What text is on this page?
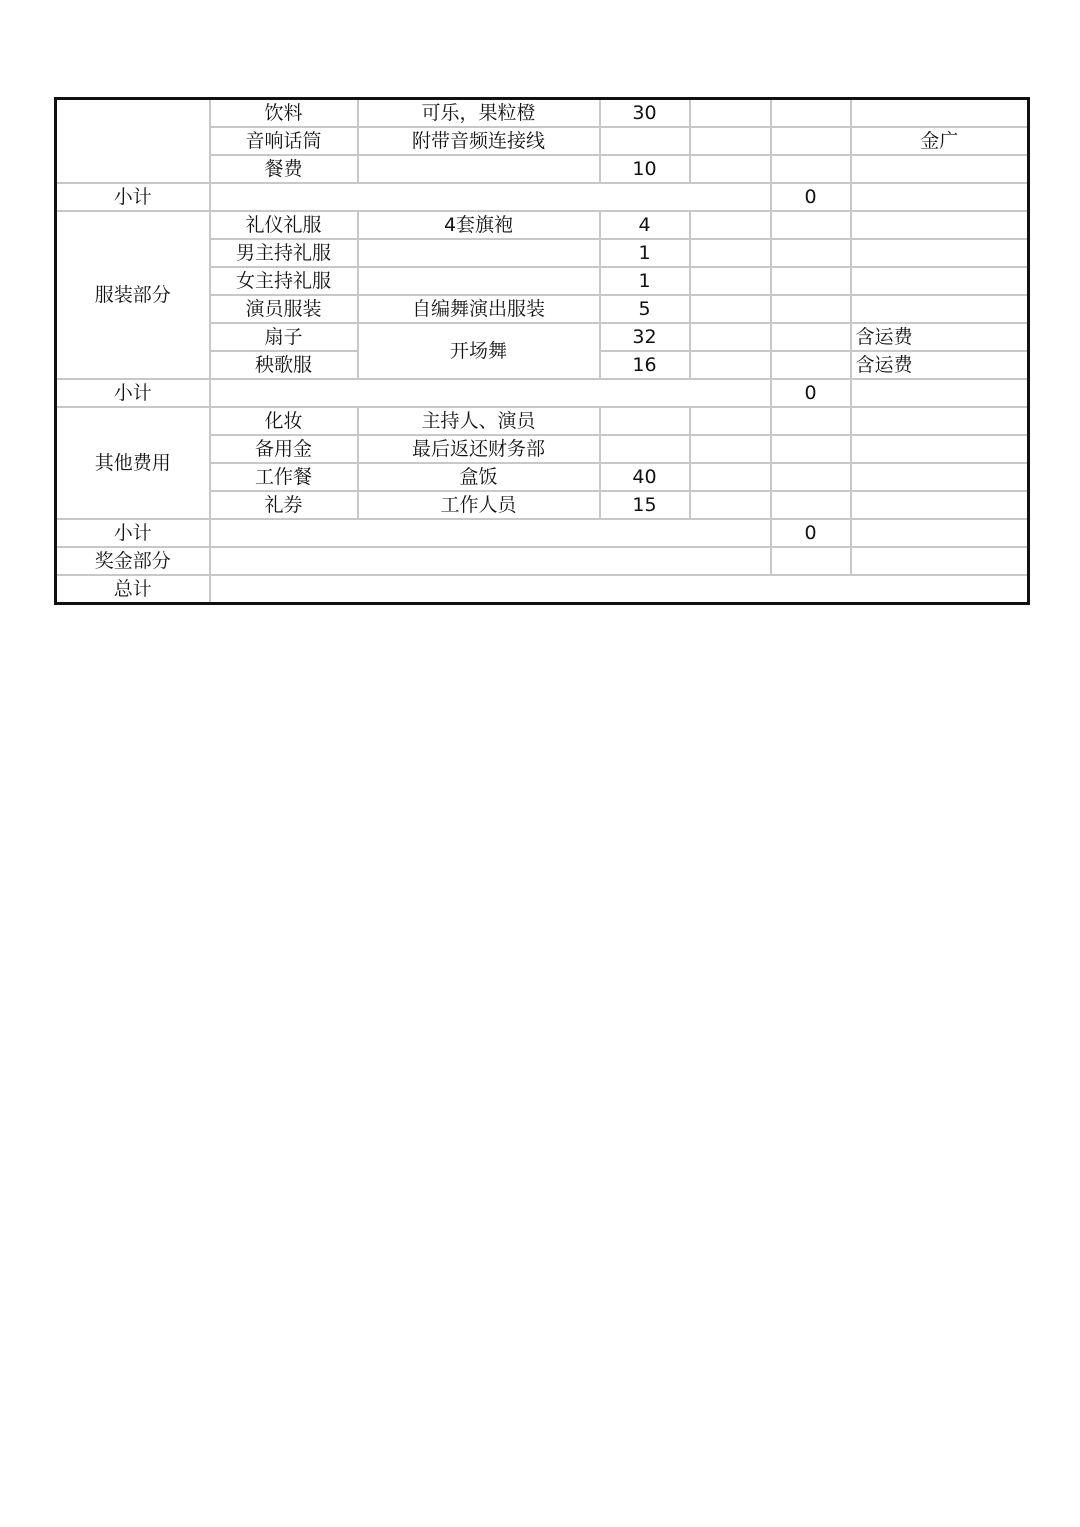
	饮料	可乐，果粒橙	30			
	音响话筒	附带音频连接线				金广
	餐费		10			
小计					0	
服装部分	礼仪礼服	4套旗袍	4			
	男主持礼服		1			
	女主持礼服		1			
	演员服装	自编舞演出服装	5			
	扇子	开场舞	32			含运费
	秧歌服		16			含运费
小计					0	
其他费用	化妆	主持人、演员				
	备用金	最后返还财务部				
	工作餐	盒饭	40			
	礼券	工作人员	15			
小计					0	
奖金部分						
总计						
